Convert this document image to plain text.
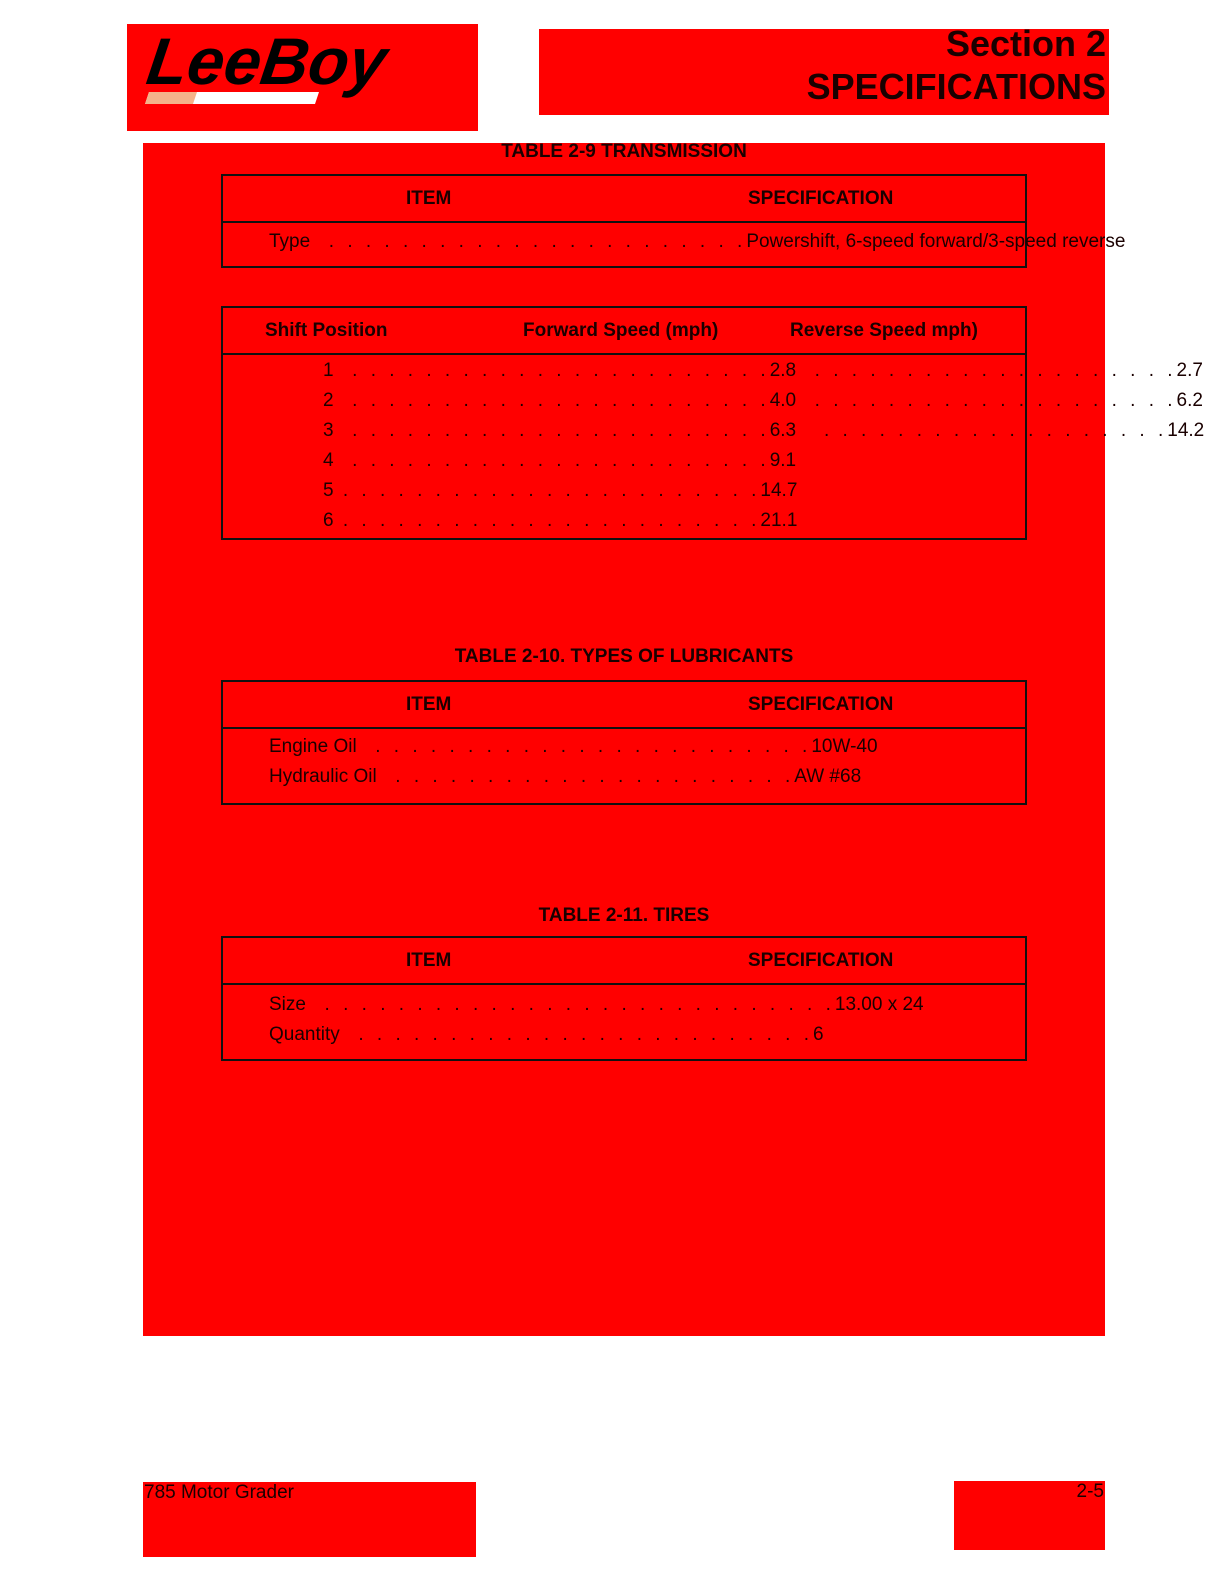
LeeBoy	Section 2
SPECIFICATIONS
TABLE 2-9 TRANSMISSION
ITEM	SPECIFICATION
Type  . . . . . . . . . . . . . . . . . . . . . . .Powershift, 6-speed forward/3-speed reverse
Shift Position	Forward Speed (mph)	Reverse Speed mph)
1  . . . . . . . . . . . . . . . . . . . . . . .2.8  . . . . . . . . . . . . . . . . . . . .2.7
2  . . . . . . . . . . . . . . . . . . . . . . .4.0  . . . . . . . . . . . . . . . . . . . .6.2
3  . . . . . . . . . . . . . . . . . . . . . . .6.3   . . . . . . . . . . . . . . . . . . .14.2
4  . . . . . . . . . . . . . . . . . . . . . . .9.1
5 . . . . . . . . . . . . . . . . . . . . . . .14.7
6 . . . . . . . . . . . . . . . . . . . . . . .21.1
TABLE 2-10. TYPES OF LUBRICANTS
ITEM	SPECIFICATION
Engine Oil  . . . . . . . . . . . . . . . . . . . . . . . .10W-40
Hydraulic Oil  . . . . . . . . . . . . . . . . . . . . . .AW #68
TABLE 2-11. TIRES
ITEM	SPECIFICATION
Size  . . . . . . . . . . . . . . . . . . . . . . . . . . . .13.00 x 24
Quantity  . . . . . . . . . . . . . . . . . . . . . . . . .6
785 Motor Grader	2-5
